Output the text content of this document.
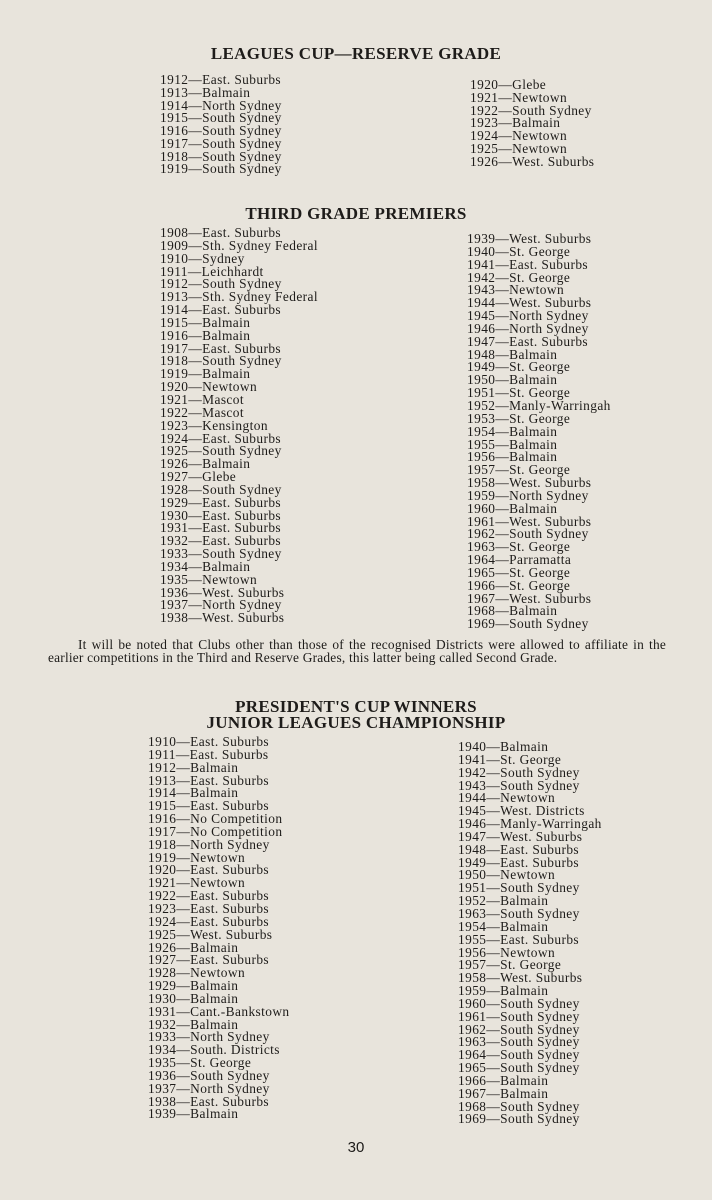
LEAGUES CUP—RESERVE GRADE
1912—East. Suburbs
1913—Balmain
1914—North Sydney
1915—South Sydney
1916—South Sydney
1917—South Sydney
1918—South Sydney
1919—South Sydney
1920—Glebe
1921—Newtown
1922—South Sydney
1923—Balmain
1924—Newtown
1925—Newtown
1926—West. Suburbs
THIRD GRADE PREMIERS
1908—East. Suburbs
1909—Sth. Sydney Federal
1910—Sydney
1911—Leichhardt
1912—South Sydney
1913—Sth. Sydney Federal
1914—East. Suburbs
1915—Balmain
1916—Balmain
1917—East. Suburbs
1918—South Sydney
1919—Balmain
1920—Newtown
1921—Mascot
1922—Mascot
1923—Kensington
1924—East. Suburbs
1925—South Sydney
1926—Balmain
1927—Glebe
1928—South Sydney
1929—East. Suburbs
1930—East. Suburbs
1931—East. Suburbs
1932—East. Suburbs
1933—South Sydney
1934—Balmain
1935—Newtown
1936—West. Suburbs
1937—North Sydney
1938—West. Suburbs
1939—West. Suburbs
1940—St. George
1941—East. Suburbs
1942—St. George
1943—Newtown
1944—West. Suburbs
1945—North Sydney
1946—North Sydney
1947—East. Suburbs
1948—Balmain
1949—St. George
1950—Balmain
1951—St. George
1952—Manly-Warringah
1953—St. George
1954—Balmain
1955—Balmain
1956—Balmain
1957—St. George
1958—West. Suburbs
1959—North Sydney
1960—Balmain
1961—West. Suburbs
1962—South Sydney
1963—St. George
1964—Parramatta
1965—St. George
1966—St. George
1967—West. Suburbs
1968—Balmain
1969—South Sydney

It will be noted that Clubs other than those of the recognised Districts were allowed to affiliate in the earlier competitions in the Third and Reserve Grades, this latter being called Second Grade.

PRESIDENT'S CUP WINNERS
JUNIOR LEAGUES CHAMPIONSHIP
1910—East. Suburbs
1911—East. Suburbs
1912—Balmain
1913—East. Suburbs
1914—Balmain
1915—East. Suburbs
1916—No Competition
1917—No Competition
1918—North Sydney
1919—Newtown
1920—East. Suburbs
1921—Newtown
1922—East. Suburbs
1923—East. Suburbs
1924—East. Suburbs
1925—West. Suburbs
1926—Balmain
1927—East. Suburbs
1928—Newtown
1929—Balmain
1930—Balmain
1931—Cant.-Bankstown
1932—Balmain
1933—North Sydney
1934—South. Districts
1935—St. George
1936—South Sydney
1937—North Sydney
1938—East. Suburbs
1939—Balmain
1940—Balmain
1941—St. George
1942—South Sydney
1943—South Sydney
1944—Newtown
1945—West. Districts
1946—Manly-Warringah
1947—West. Suburbs
1948—East. Suburbs
1949—East. Suburbs
1950—Newtown
1951—South Sydney
1952—Balmain
1963—South Sydney
1954—Balmain
1955—East. Suburbs
1956—Newtown
1957—St. George
1958—West. Suburbs
1959—Balmain
1960—South Sydney
1961—South Sydney
1962—South Sydney
1963—South Sydney
1964—South Sydney
1965—South Sydney
1966—Balmain
1967—Balmain
1968—South Sydney
1969—South Sydney
30
